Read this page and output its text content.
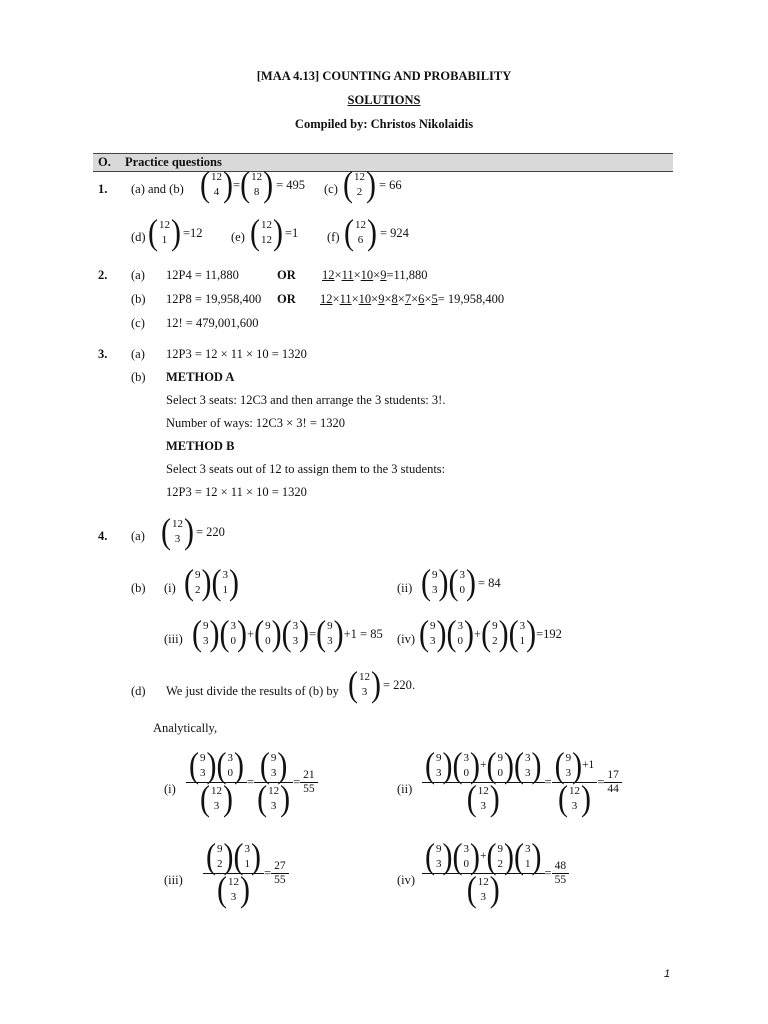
[MAA 4.13] COUNTING AND PROBABILITY
SOLUTIONS
Compiled by: Christos Nikolaidis
O. Practice questions
1. (a) and (b) ( 12
4 ) = ( 12
8 ) = 495 (c) ( 12
2 ) = 66
(d) ( 12
1 ) =12 (e) ( 12
12 ) =1 (f) ( 12
6 ) = 924
2. (a) 12P4 = 11,880	OR 12×11×10×9=11,880
(b) 12P8 = 19,958,400 OR 12×11×10×9×8×7×6×5= 19,958,400
(c) 12! = 479,001,600
3. (a) 12P3 = 12 × 11 × 10 = 1320
(b) METHOD A
Select 3 seats: 12C3 and then arrange the 3 students: 3!.
Number of ways: 12C3 × 3! = 1320
METHOD B
Select 3 seats out of 12 to assign them to the 3 students:
12P3 = 12 × 11 × 10 = 1320
4. (a) ( 12
3 ) = 220
(b) (i) ( 9
2 ) ( 3
1 )	(ii) ( 9
3 ) ( 3
0 ) = 84
(iii) ( 9
3 ) ( 3
0 ) + ( 9
0 ) ( 3
3 ) = ( 9
3 ) +1 = 85 (iv) ( 9
3 ) ( 3
0 ) + ( 9
2 ) ( 3
1 ) =192
(d) We just divide the results of (b) by ( 12
3 ) = 220 .
Analytically,
(i) ( 9
3 ) ( 3
0 )
( 12
3 ) = ( 9
3 )
( 12
3 ) = $\frac{21}{55}$	(ii) ( 9
3 ) ( 3
0 ) + ( 9
0 ) ( 3
3 )
( 12
3 ) = ( 9
3 ) +1
( 12
3 ) = $\frac{17}{44}$
(iii) ( 9
2 ) ( 3
1 )
( 12
3 ) = $\frac{27}{55}$	(iv) ( 9
3 ) ( 3
0 ) + ( 9
2 ) ( 3
1 )
( 12
3 ) = $\frac{48}{55}$
1
